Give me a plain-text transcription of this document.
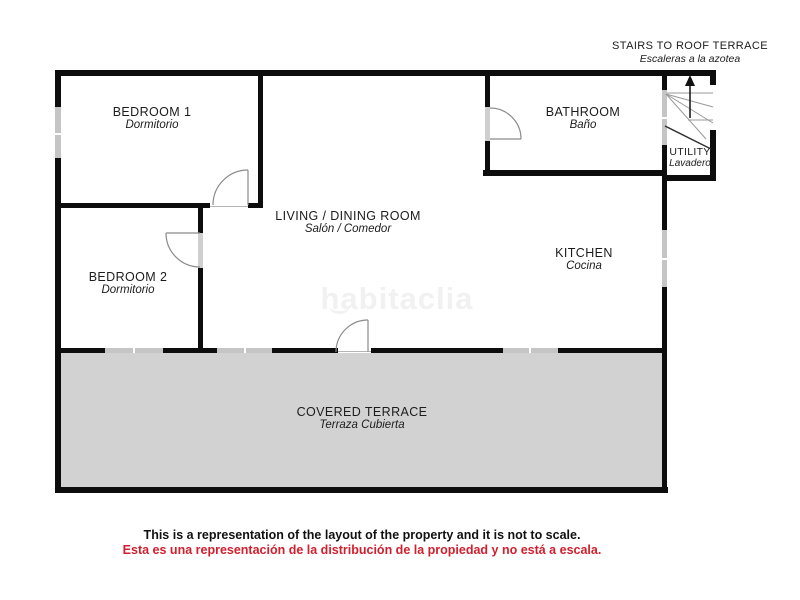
habitaclia
STAIRS TO ROOF TERRACE
Escaleras a la azotea
BEDROOM 1
Dormitorio
BEDROOM 2
Dormitorio
LIVING / DINING ROOM
Salón / Comedor
BATHROOM
Baño
KITCHEN
Cocina
UTILITY
Lavadero
COVERED TERRACE
Terraza Cubierta
This is a representation of the layout of the property and it is not to scale.
Esta es una representación de la distribución de la propiedad y no está a escala.
